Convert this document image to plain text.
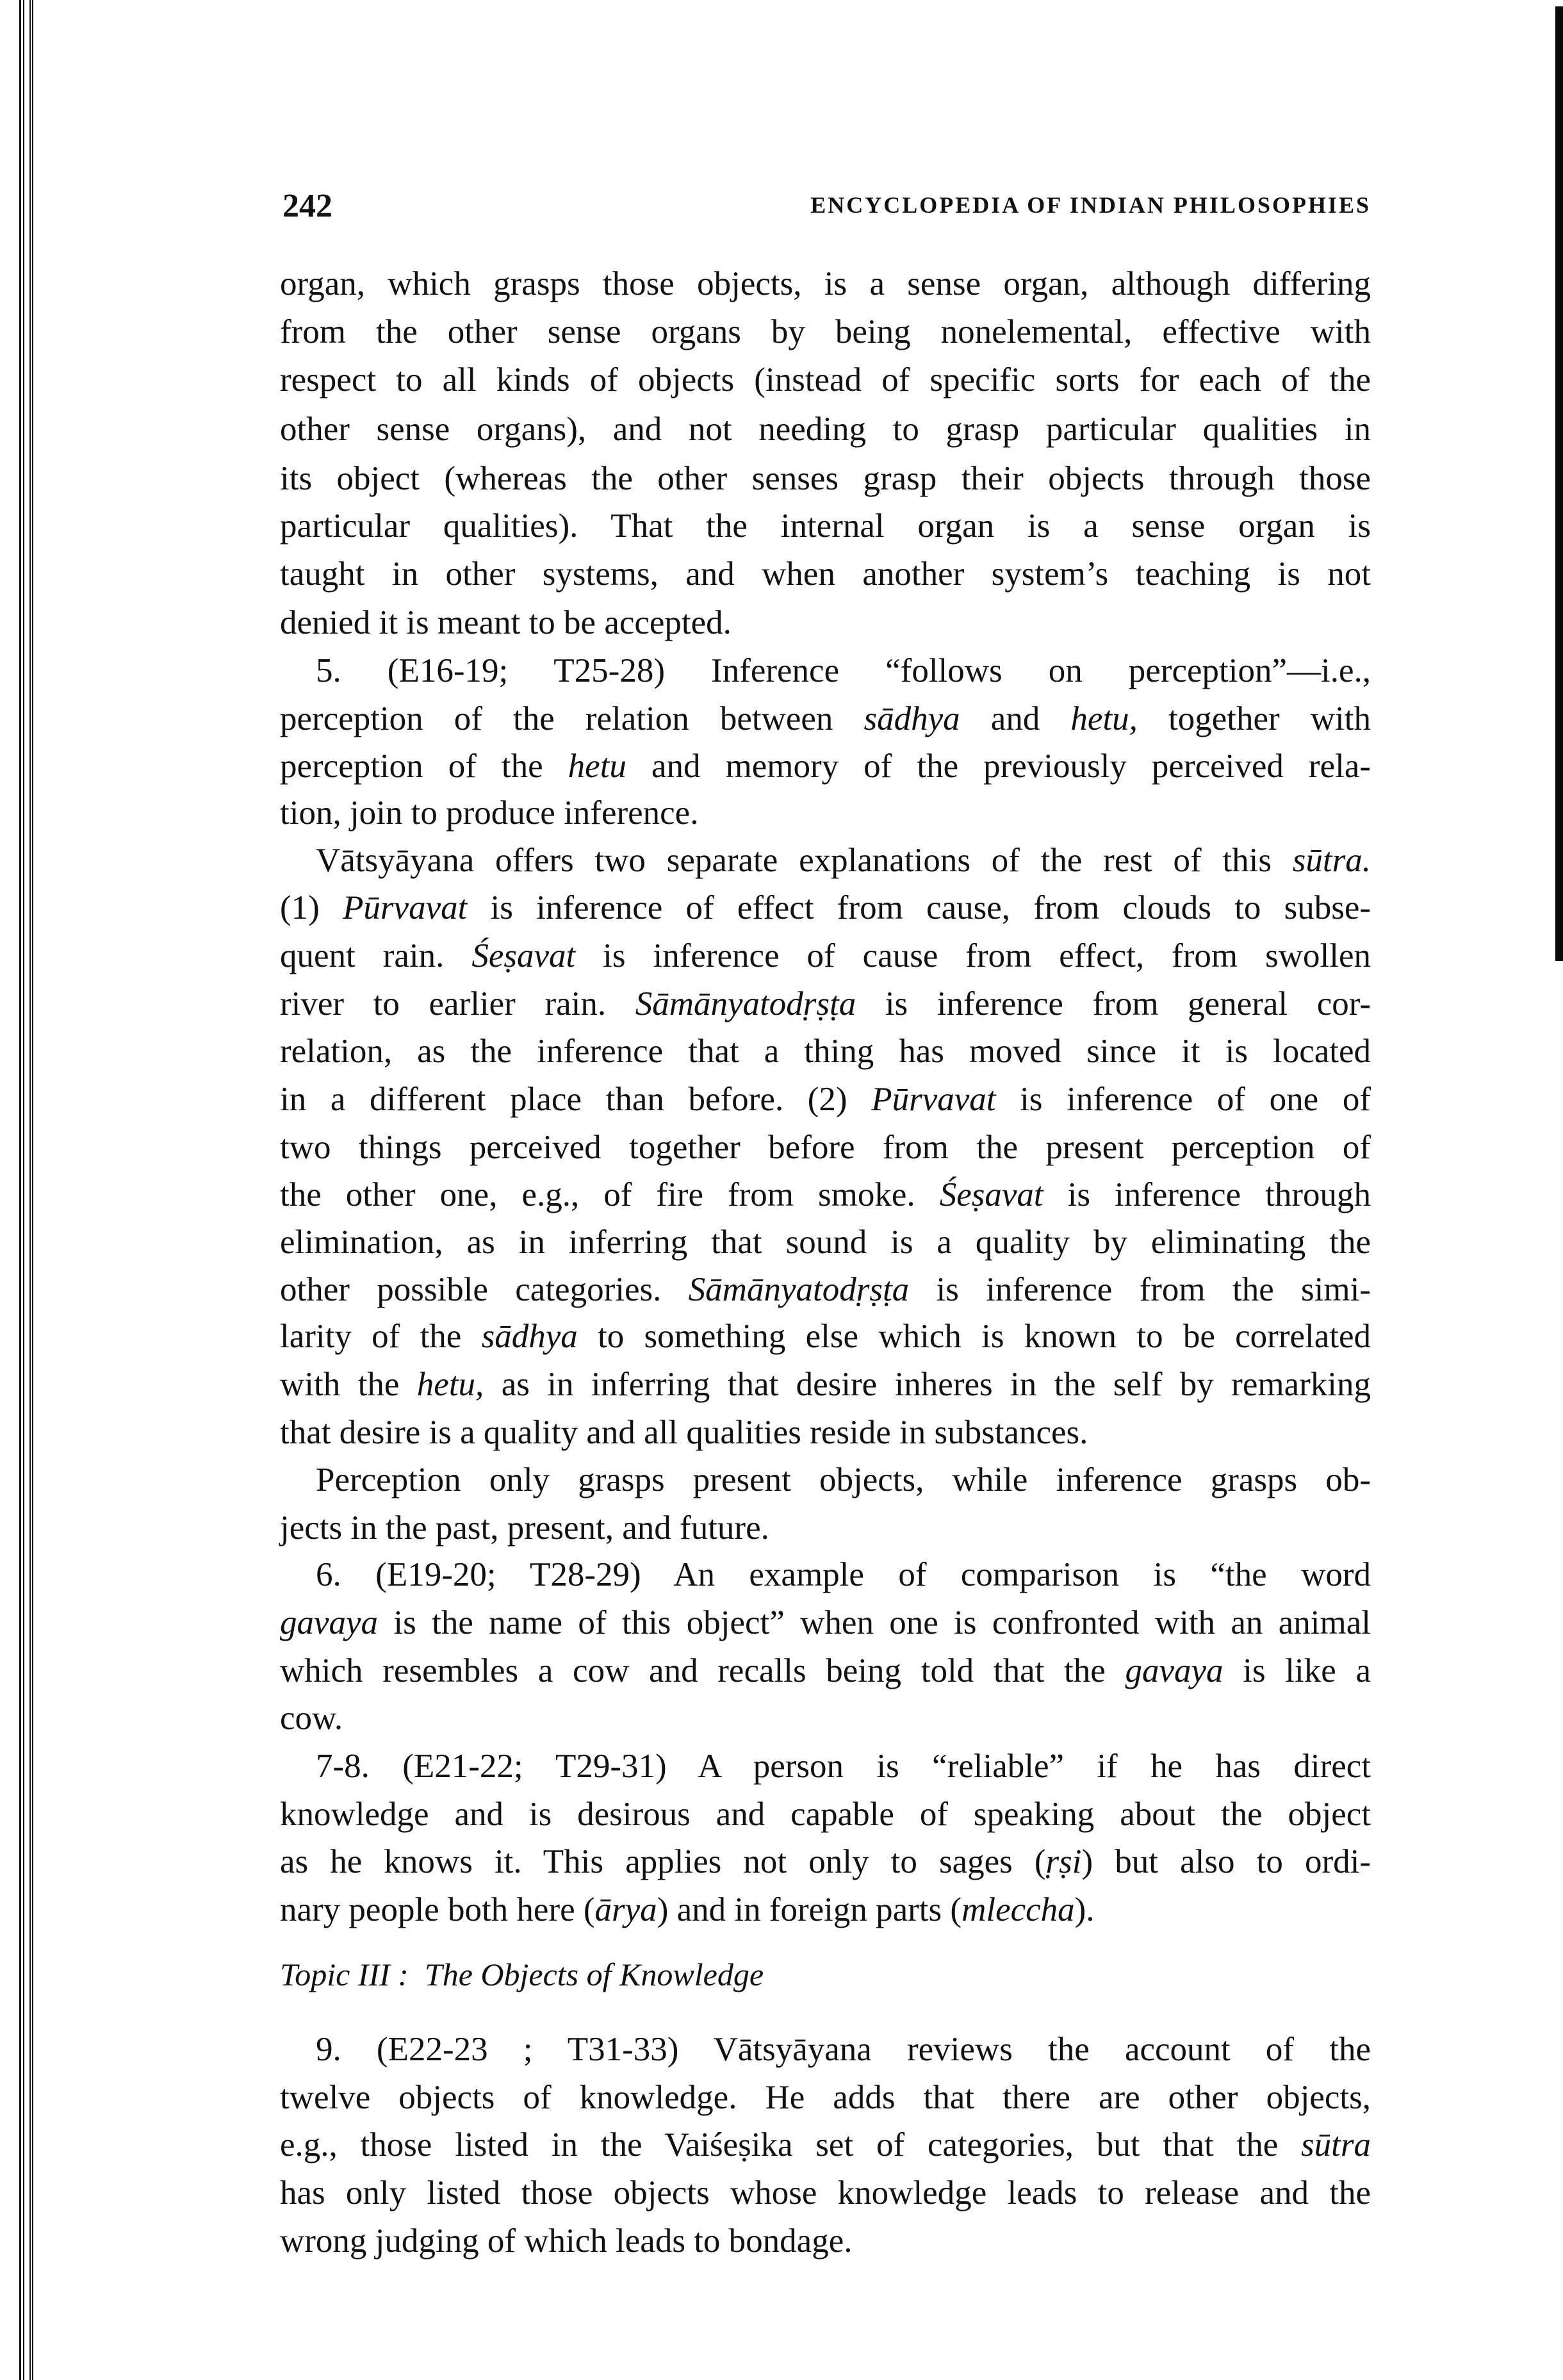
242	ENCYCLOPEDIA OF INDIAN PHILOSOPHIES
organ, which grasps those objects, is a sense organ, although differing
from the other sense organs by being nonelemental, effective with
respect to all kinds of objects (instead of specific sorts for each of the
other sense organs), and not needing to grasp particular qualities in
its object (whereas the other senses grasp their objects through those
particular qualities). That the internal organ is a sense organ is
taught in other systems, and when another system’s teaching is not
denied it is meant to be accepted.
5. (E16-19; T25-28) Inference “follows on perception”—i.e.,
perception of the relation between sādhya and hetu, together with
perception of the hetu and memory of the previously perceived rela-
tion, join to produce inference.
Vātsyāyana offers two separate explanations of the rest of this sūtra.
(1) Pūrvavat is inference of effect from cause, from clouds to subse-
quent rain. Śeṣavat is inference of cause from effect, from swollen
river to earlier rain. Sāmānyatodṛṣṭa is inference from general cor-
relation, as the inference that a thing has moved since it is located
in a different place than before. (2) Pūrvavat is inference of one of
two things perceived together before from the present perception of
the other one, e.g., of fire from smoke. Śeṣavat is inference through
elimination, as in inferring that sound is a quality by eliminating the
other possible categories. Sāmānyatodṛṣṭa is inference from the simi-
larity of the sādhya to something else which is known to be correlated
with the hetu, as in inferring that desire inheres in the self by remarking
that desire is a quality and all qualities reside in substances.
Perception only grasps present objects, while inference grasps ob-
jects in the past, present, and future.
6. (E19-20; T28-29) An example of comparison is “the word
gavaya is the name of this object” when one is confronted with an animal
which resembles a cow and recalls being told that the gavaya is like a
cow.
7-8. (E21-22; T29-31) A person is “reliable” if he has direct
knowledge and is desirous and capable of speaking about the object
as he knows it. This applies not only to sages (ṛṣi) but also to ordi-
nary people both here (ārya) and in foreign parts (mleccha).
Topic III :  The Objects of Knowledge
9. (E22-23 ; T31-33) Vātsyāyana reviews the account of the
twelve objects of knowledge. He adds that there are other objects,
e.g., those listed in the Vaiśeṣika set of categories, but that the sūtra
has only listed those objects whose knowledge leads to release and the
wrong judging of which leads to bondage.
